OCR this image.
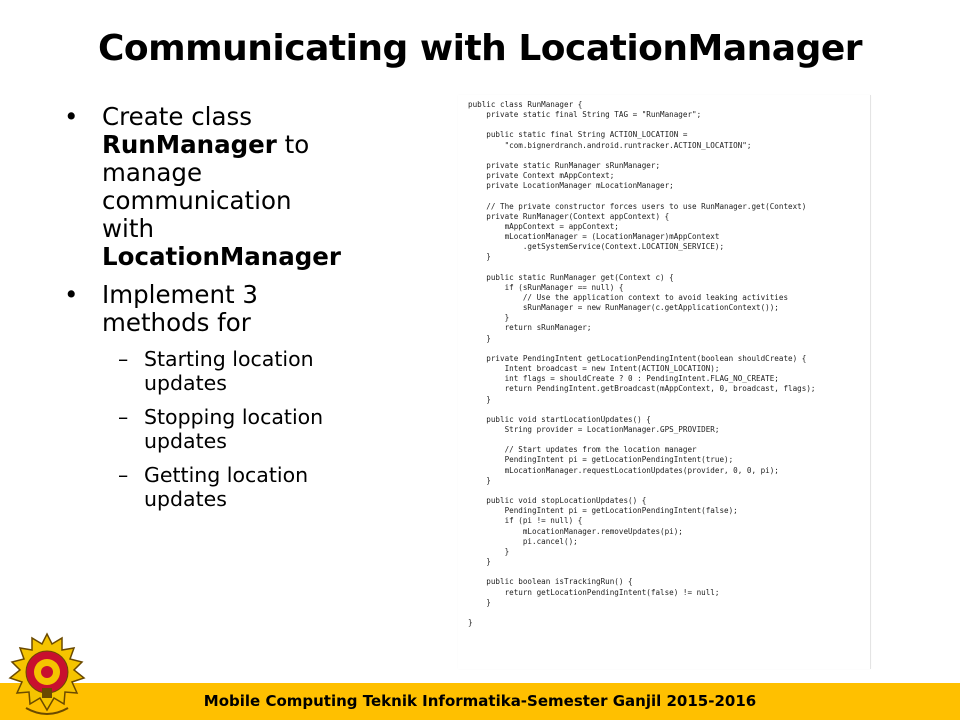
Communicating with LocationManager
• Create class
RunManager to
manage
communication
with
LocationManager
• Implement 3
methods for
– Starting location
updates
– Stopping location
updates
– Getting location
updates
public class RunManager {
private static final String TAG = "RunManager";

public static final String ACTION_LOCATION =
"com.bignerdranch.android.runtracker.ACTION_LOCATION";

private static RunManager sRunManager;
private Context mAppContext;
private LocationManager mLocationManager;

// The private constructor forces users to use RunManager.get(Context)
private RunManager(Context appContext) {
mAppContext = appContext;
mLocationManager = (LocationManager)mAppContext
.getSystemService(Context.LOCATION_SERVICE);
}

public static RunManager get(Context c) {
if (sRunManager == null) {
// Use the application context to avoid leaking activities
sRunManager = new RunManager(c.getApplicationContext());
}
return sRunManager;
}

private PendingIntent getLocationPendingIntent(boolean shouldCreate) {
Intent broadcast = new Intent(ACTION_LOCATION);
int flags = shouldCreate ? 0 : PendingIntent.FLAG_NO_CREATE;
return PendingIntent.getBroadcast(mAppContext, 0, broadcast, flags);
}

public void startLocationUpdates() {
String provider = LocationManager.GPS_PROVIDER;

// Start updates from the location manager
PendingIntent pi = getLocationPendingIntent(true);
mLocationManager.requestLocationUpdates(provider, 0, 0, pi);
}

public void stopLocationUpdates() {
PendingIntent pi = getLocationPendingIntent(false);
if (pi != null) {
mLocationManager.removeUpdates(pi);
pi.cancel();
}
}

public boolean isTrackingRun() {
return getLocationPendingIntent(false) != null;
}

}
Mobile Computing Teknik Informatika-Semester Ganjil 2015-2016
